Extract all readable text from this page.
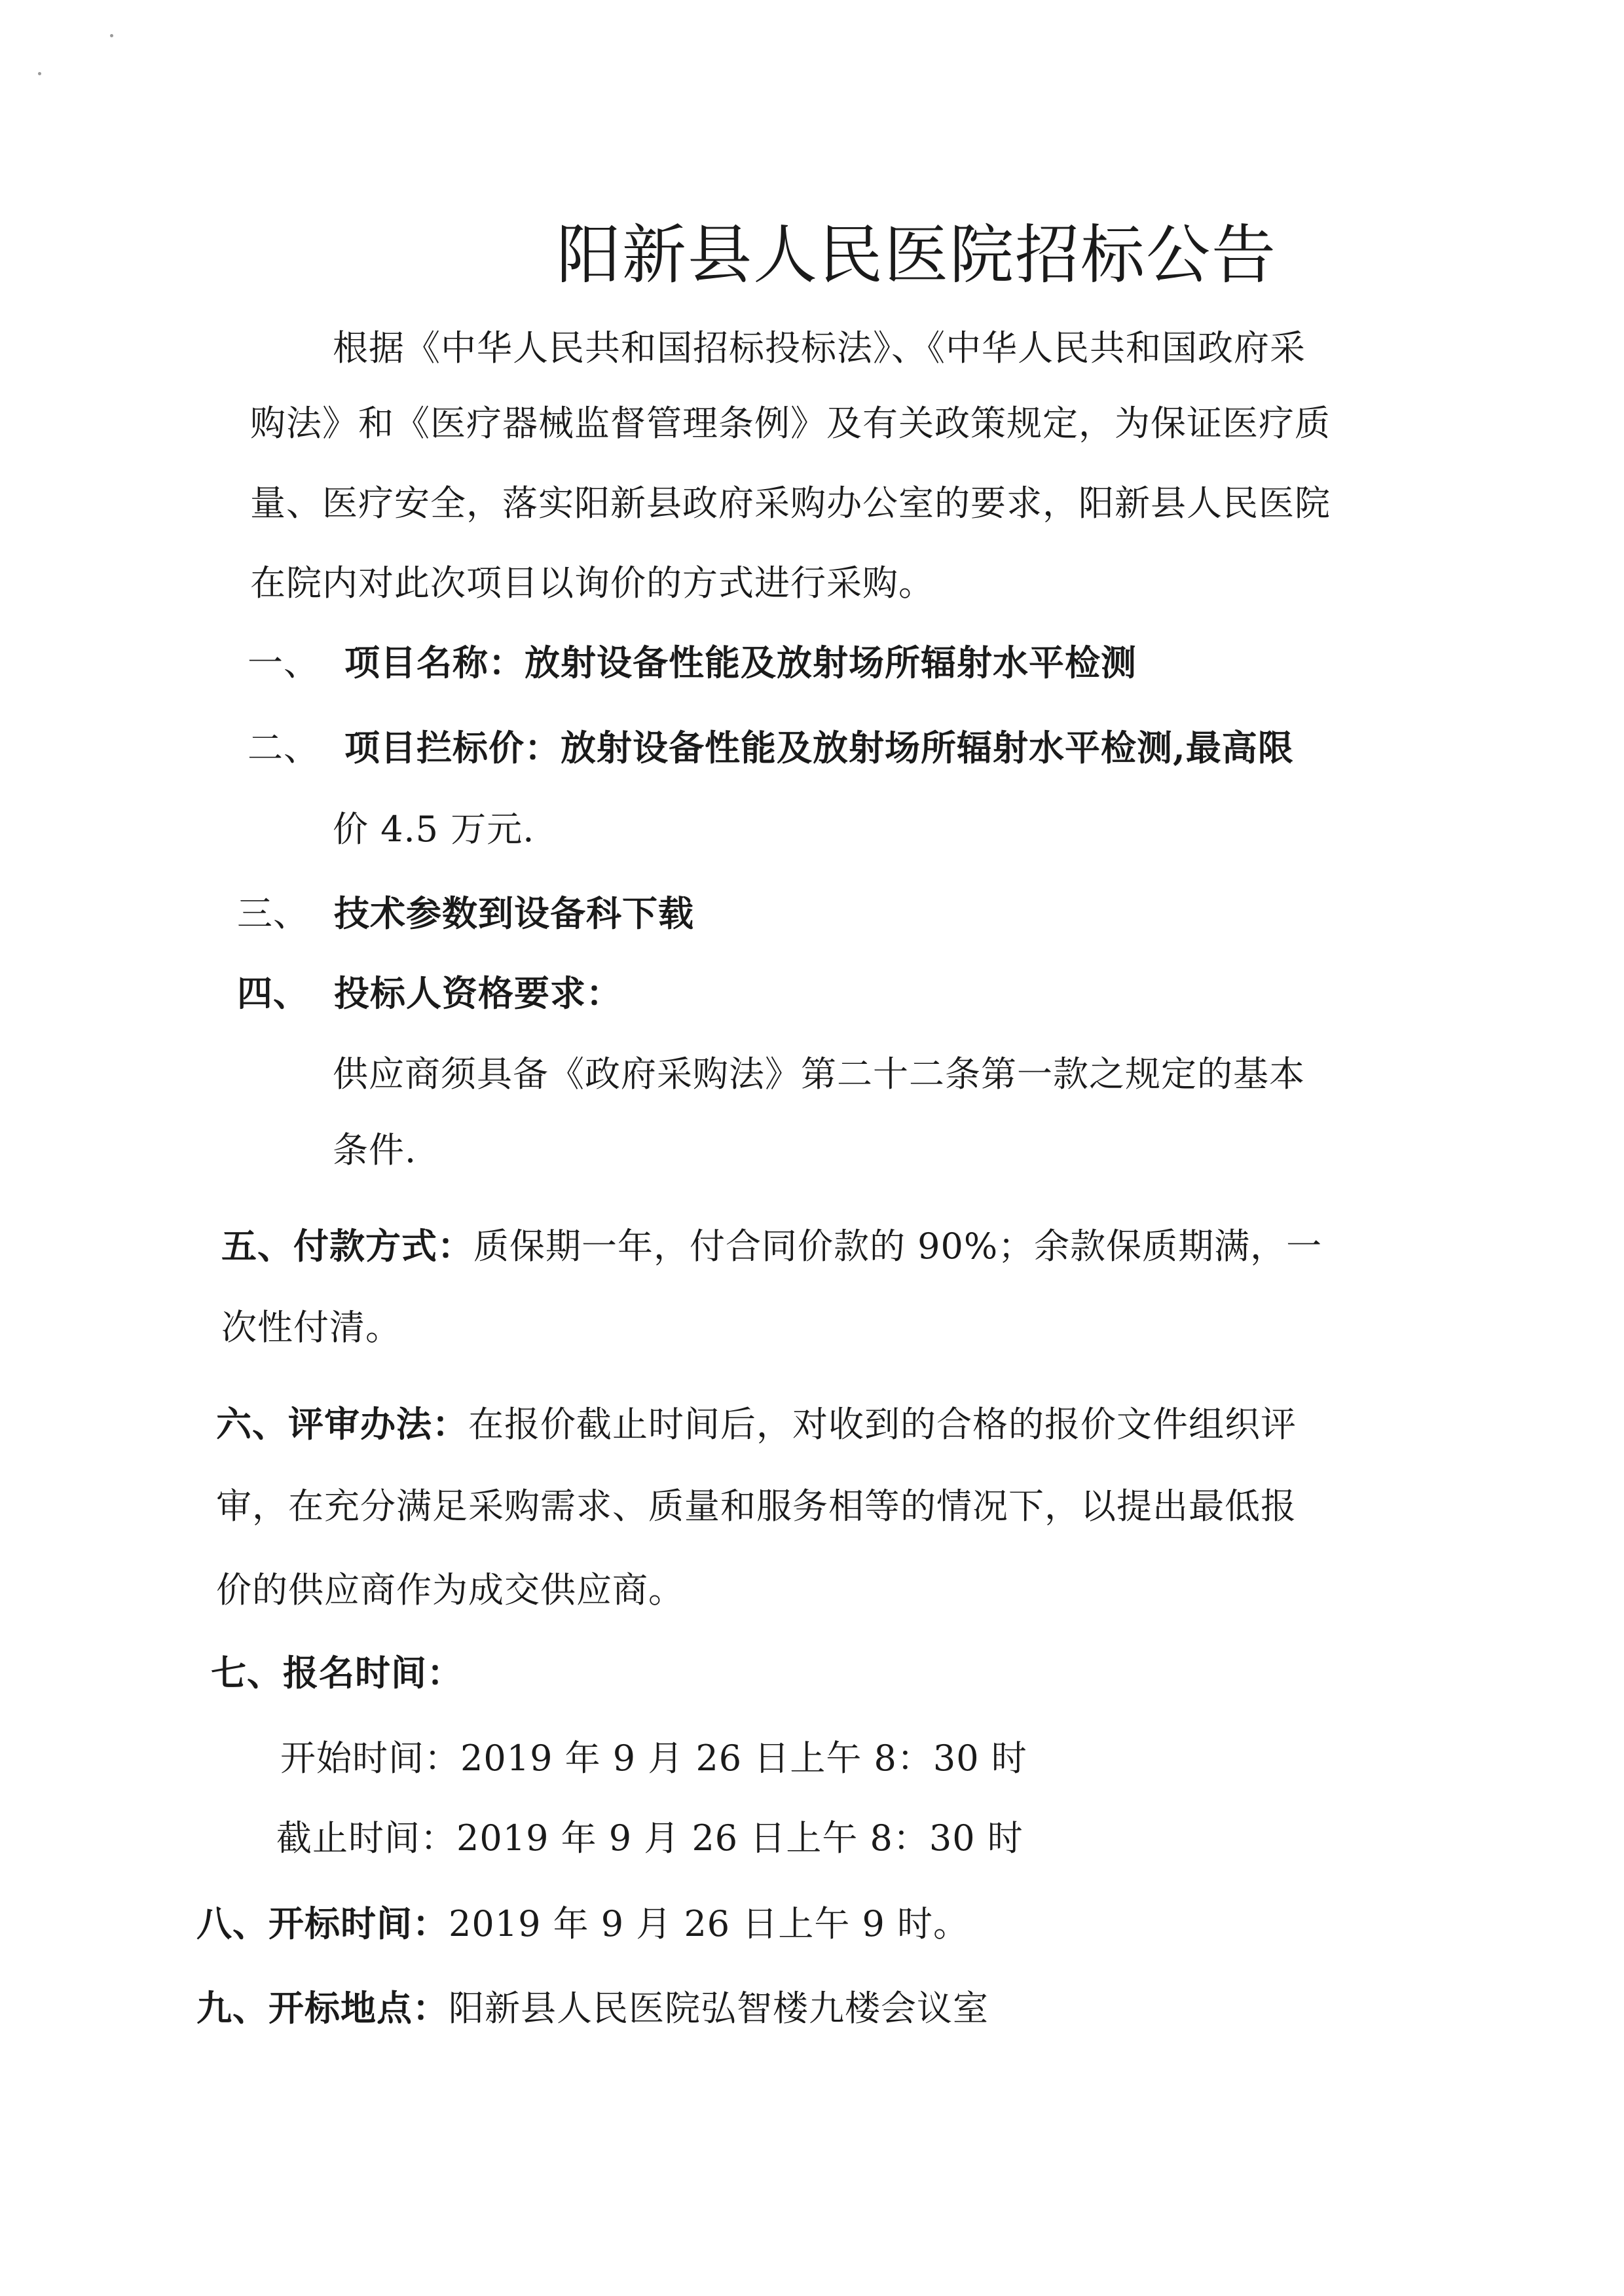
阳新县人民医院招标公告
根据《中华人民共和国招标投标法》、《中华人民共和国政府采
购法》和《医疗器械监督管理条例》及有关政策规定，为保证医疗质
量、医疗安全，落实阳新县政府采购办公室的要求，阳新县人民医院
在院内对此次项目以询价的方式进行采购。
一、 项目名称：放射设备性能及放射场所辐射水平检测
二、 项目拦标价：放射设备性能及放射场所辐射水平检测,最高限
价 4.5 万元.
三、 技术参数到设备科下载
四、 投标人资格要求：
供应商须具备《政府采购法》第二十二条第一款之规定的基本
条件.
五、付款方式：质保期一年，付合同价款的 90%；余款保质期满，一
次性付清。
六、评审办法：在报价截止时间后，对收到的合格的报价文件组织评
审，在充分满足采购需求、质量和服务相等的情况下，以提出最低报
价的供应商作为成交供应商。
七、报名时间：
开始时间：2019 年 9 月 26 日上午 8：30 时
截止时间：2019 年 9 月 26 日上午 8：30 时
八、开标时间：2019 年 9 月 26 日上午 9 时。
九、开标地点：阳新县人民医院弘智楼九楼会议室
